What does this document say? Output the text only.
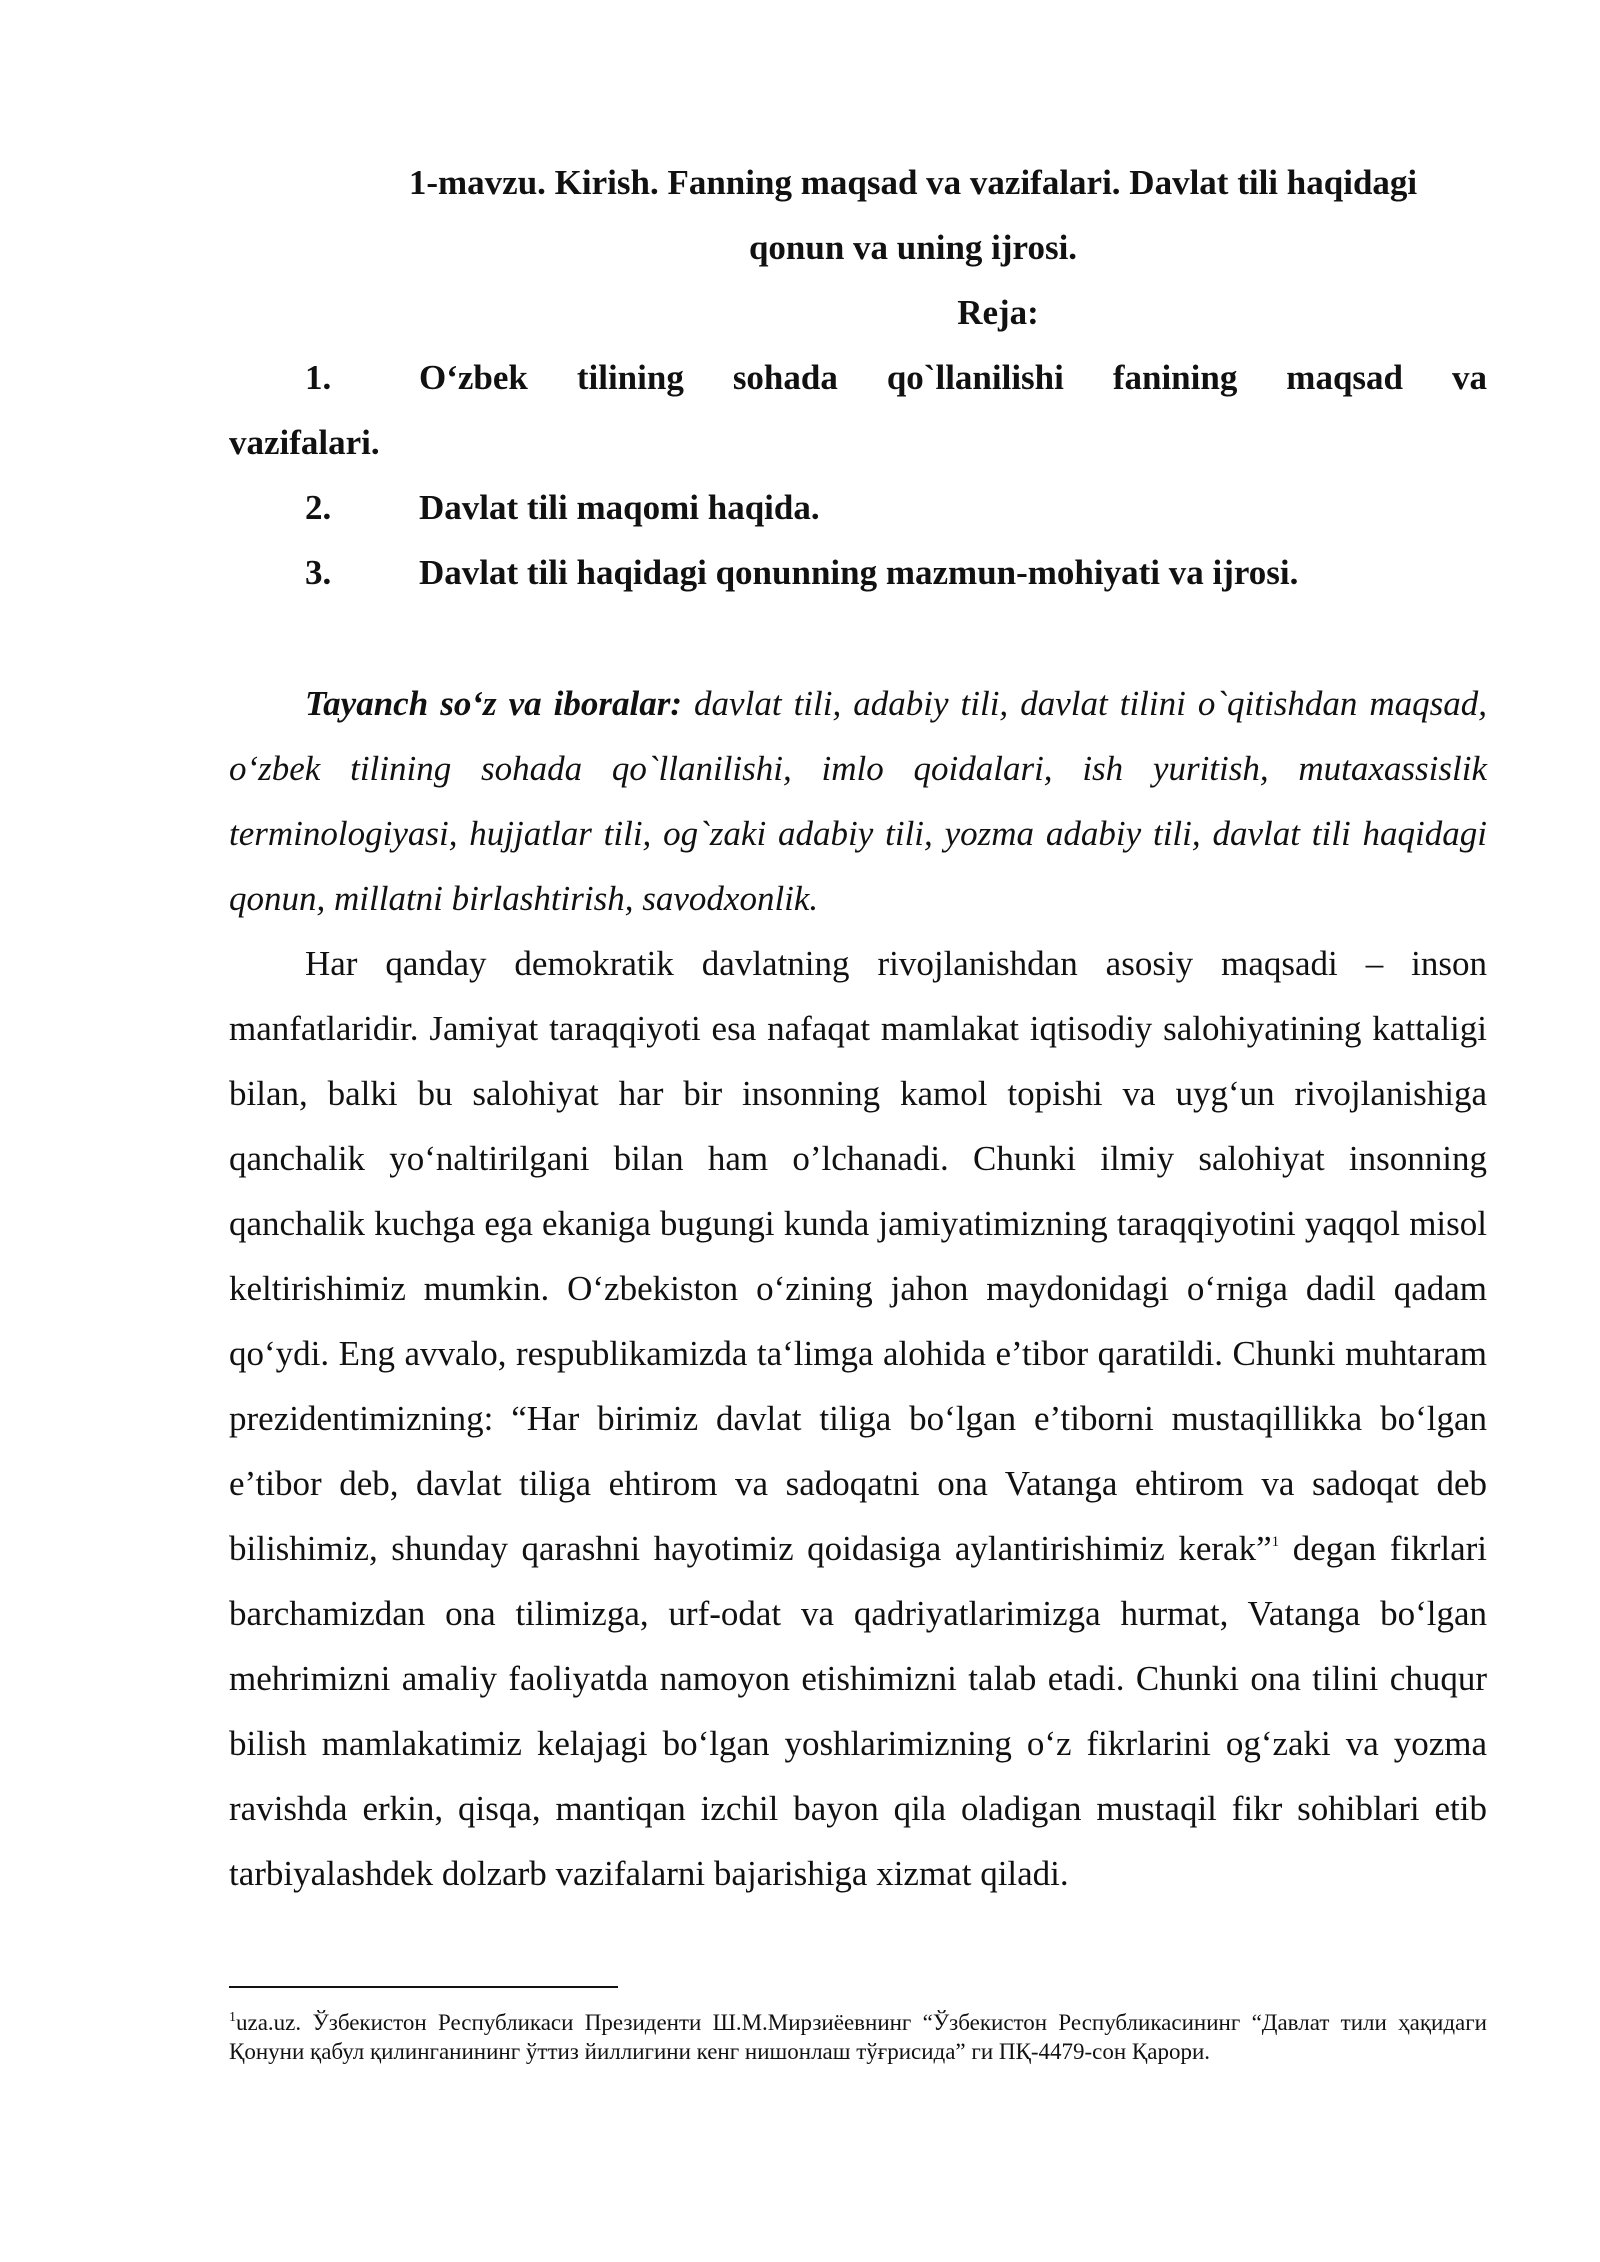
1-mavzu. Kirish. Fanning maqsad va vazifalari. Davlat tili haqidagi

qonun va uning ijrosi.

Reja:

1.	O‘zbek tilining sohada qo`llanilishi fanining maqsad va
vazifalari.
2.	Davlat tili maqomi haqida.
3.	Davlat tili haqidagi qonunning mazmun-mohiyati va ijrosi.

Tayanch so‘z va iboralar: davlat tili, adabiy tili, davlat tilini o`qitishdan maqsad, o‘zbek tilining sohada qo`llanilishi, imlo qoidalari, ish yuritish, mutaxassislik terminologiyasi, hujjatlar tili, og`zaki adabiy tili, yozma adabiy tili, davlat tili haqidagi qonun, millatni birlashtirish, savodxonlik.

Har qanday demokratik davlatning rivojlanishdan asosiy maqsadi – inson manfatlaridir. Jamiyat taraqqiyoti esa nafaqat mamlakat iqtisodiy salohiyatining kattaligi bilan, balki bu salohiyat har bir insonning kamol topishi va uyg‘un rivojlanishiga qanchalik yo‘naltirilgani bilan ham o’lchanadi. Chunki ilmiy salohiyat insonning qanchalik kuchga ega ekaniga bugungi kunda jamiyatimizning taraqqiyotini yaqqol misol keltirishimiz mumkin. O‘zbekiston o‘zining jahon maydonidagi o‘rniga dadil qadam qo‘ydi. Eng avvalo, respublikamizda ta‘limga alohida e’tibor qaratildi. Chunki muhtaram prezidentimizning: “Har birimiz davlat tiliga bo‘lgan e’tiborni mustaqillikka bo‘lgan e’tibor deb, davlat tiliga ehtirom va sadoqatni ona Vatanga ehtirom va sadoqat deb bilishimiz, shunday qarashni hayotimiz qoidasiga aylantirishimiz kerak”$^1$ degan fikrlari barchamizdan ona tilimizga, urf-odat va qadriyatlarimizga hurmat, Vatanga bo‘lgan mehrimizni amaliy faoliyatda namoyon etishimizni talab etadi. Chunki ona tilini chuqur bilish mamlakatimiz kelajagi bo‘lgan yoshlarimizning o‘z fikrlarini og‘zaki va yozma ravishda erkin, qisqa, mantiqan izchil bayon qila oladigan mustaqil fikr sohiblari etib tarbiyalashdek dolzarb vazifalarni bajarishiga xizmat qiladi.

$^1$uza.uz. Ўзбекистон Республикаси Президенти Ш.М.Мирзиёевнинг “Ўзбекистон Республикасининг “Давлат тили ҳақидаги Қонуни қабул қилинганининг ўттиз йиллигини кенг нишонлаш тўғрисида” ги ПҚ-4479-сон Қарори.
